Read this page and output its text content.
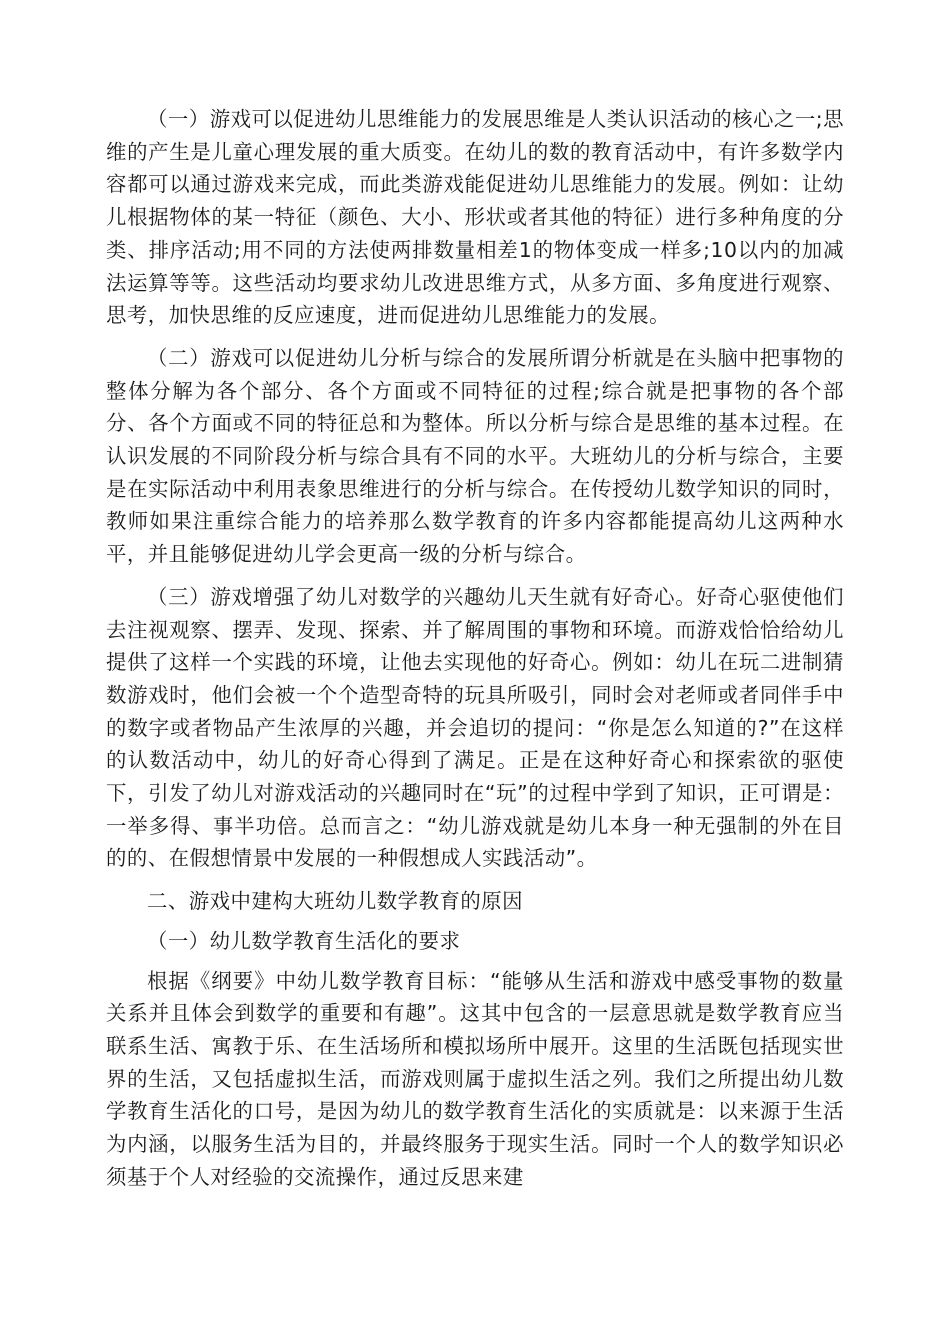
（一）游戏可以促进幼儿思维能力的发展思维是人类认识活动的核心之一;思维的产生是儿童心理发展的重大质变。在幼儿的数的教育活动中，有许多数学内容都可以通过游戏来完成，而此类游戏能促进幼儿思维能力的发展。例如：让幼儿根据物体的某一特征（颜色、大小、形状或者其他的特征）进行多种角度的分类、排序活动;用不同的方法使两排数量相差1的物体变成一样多;10以内的加减法运算等等。这些活动均要求幼儿改进思维方式，从多方面、多角度进行观察、思考，加快思维的反应速度，进而促进幼儿思维能力的发展。

（二）游戏可以促进幼儿分析与综合的发展所谓分析就是在头脑中把事物的整体分解为各个部分、各个方面或不同特征的过程;综合就是把事物的各个部分、各个方面或不同的特征总和为整体。所以分析与综合是思维的基本过程。在认识发展的不同阶段分析与综合具有不同的水平。大班幼儿的分析与综合，主要是在实际活动中利用表象思维进行的分析与综合。在传授幼儿数学知识的同时，教师如果注重综合能力的培养那么数学教育的许多内容都能提高幼儿这两种水平，并且能够促进幼儿学会更高一级的分析与综合。

（三）游戏增强了幼儿对数学的兴趣幼儿天生就有好奇心。好奇心驱使他们去注视观察、摆弄、发现、探索、并了解周围的事物和环境。而游戏恰恰给幼儿提供了这样一个实践的环境，让他去实现他的好奇心。例如：幼儿在玩二进制猜数游戏时，他们会被一个个造型奇特的玩具所吸引，同时会对老师或者同伴手中的数字或者物品产生浓厚的兴趣，并会追切的提问：“你是怎么知道的?”在这样的认数活动中，幼儿的好奇心得到了满足。正是在这种好奇心和探索欲的驱使下，引发了幼儿对游戏活动的兴趣同时在“玩”的过程中学到了知识，正可谓是：一举多得、事半功倍。总而言之：“幼儿游戏就是幼儿本身一种无强制的外在目的的、在假想情景中发展的一种假想成人实践活动”。

二、游戏中建构大班幼儿数学教育的原因

（一）幼儿数学教育生活化的要求

根据《纲要》中幼儿数学教育目标：“能够从生活和游戏中感受事物的数量关系并且体会到数学的重要和有趣”。这其中包含的一层意思就是数学教育应当联系生活、寓教于乐、在生活场所和模拟场所中展开。这里的生活既包括现实世界的生活，又包括虚拟生活，而游戏则属于虚拟生活之列。我们之所提出幼儿数学教育生活化的口号，是因为幼儿的数学教育生活化的实质就是：以来源于生活为内涵，以服务生活为目的，并最终服务于现实生活。同时一个人的数学知识必须基于个人对经验的交流操作，通过反思来建
